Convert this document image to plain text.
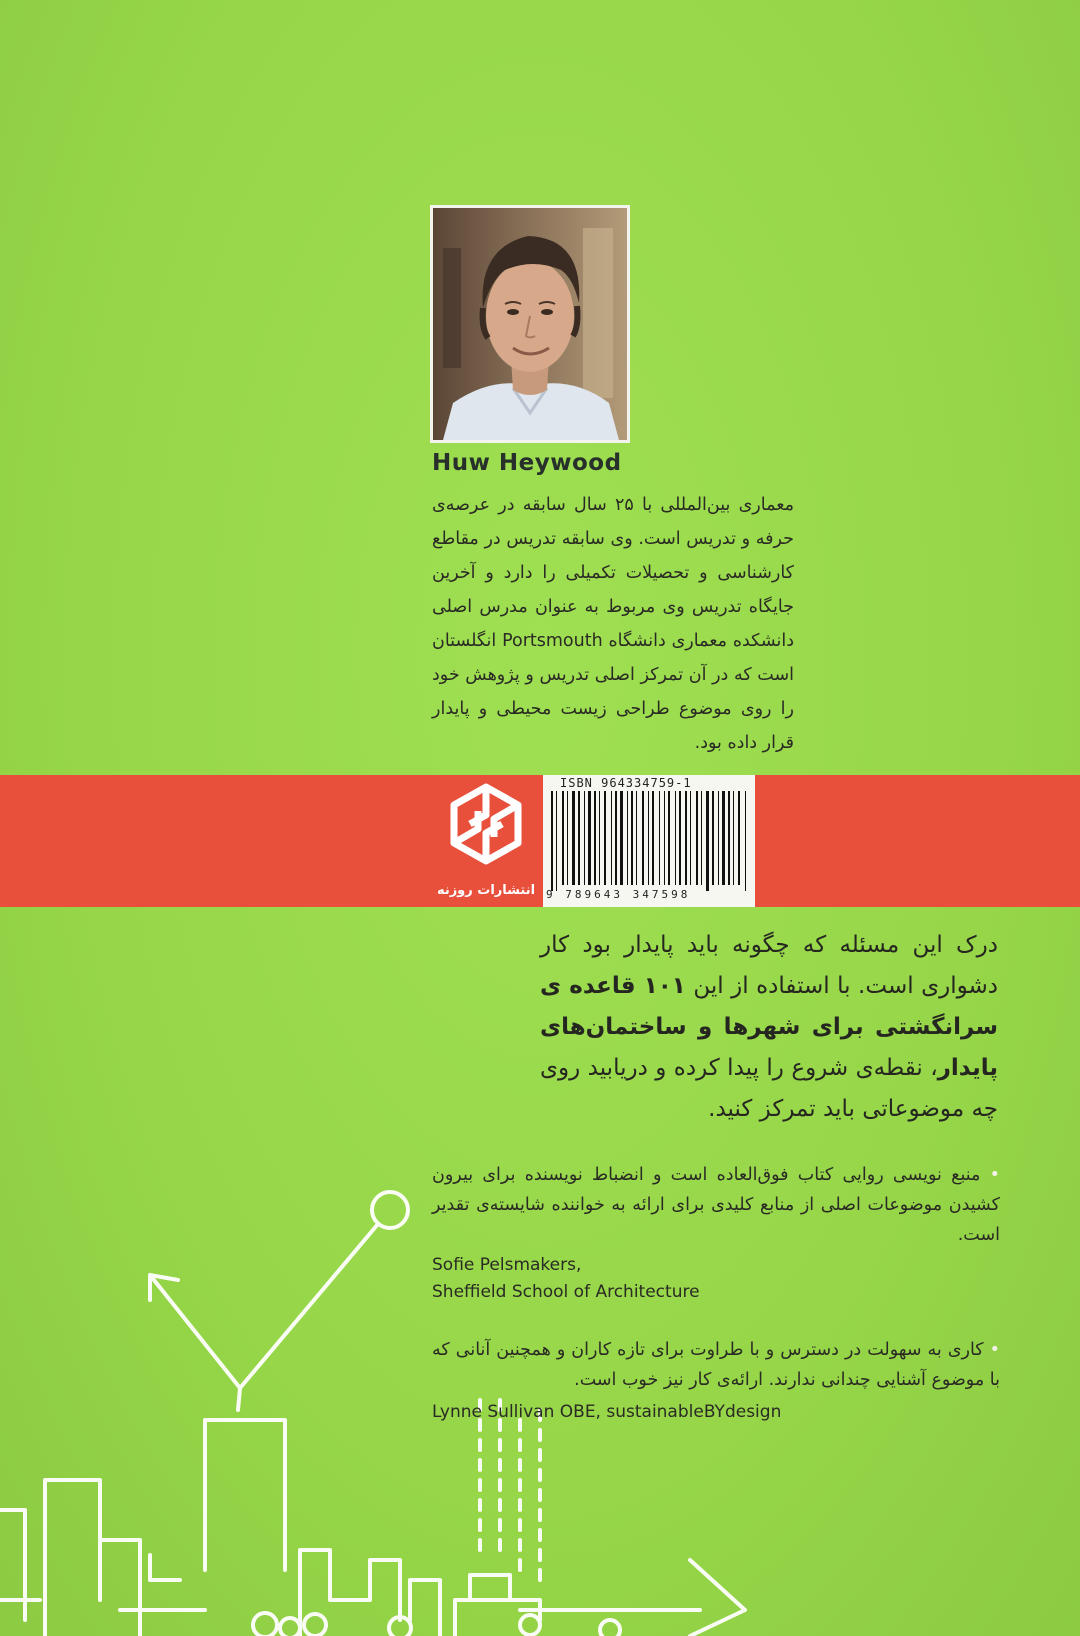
Huw Heywood
معماری بین‌المللی با ۲۵ سال سابقه در عرصه‌ی حرفه و تدریس است. وی سابقه تدریس در مقاطع کارشناسی و تحصیلات تکمیلی را دارد و آخرین جایگاه تدریس وی مربوط به عنوان مدرس اصلی دانشکده معماری دانشگاه Portsmouth انگلستان است که در آن تمرکز اصلی تدریس و پژوهش خود را روی موضوع طراحی زیست محیطی و پایدار قرار داده بود.
انتشارات روزنه
ISBN 964334759-1
9 789643 347598
درک این مسئله که چگونه باید پایدار بود کار دشواری است. با استفاده از این ۱۰۱ قاعده ی سرانگشتی برای شهرها و ساختمان‌های پایدار، نقطه‌ی شروع را پیدا کرده و دریابید روی چه موضوعاتی باید تمرکز کنید.
• منبع نویسی روایی کتاب فوق‌العاده است و انضباط نویسنده برای بیرون کشیدن موضوعات اصلی از منابع کلیدی برای ارائه به خواننده شایسته‌ی تقدیر است.
Sofie Pelsmakers,
Sheffield School of Architecture
• کاری به سهولت در دسترس و با طراوت برای تازه کاران و همچنین آنانی که با موضوع آشنایی چندانی ندارند. ارائه‌ی کار نیز خوب است.
Lynne Sullivan OBE, sustainableBYdesign
